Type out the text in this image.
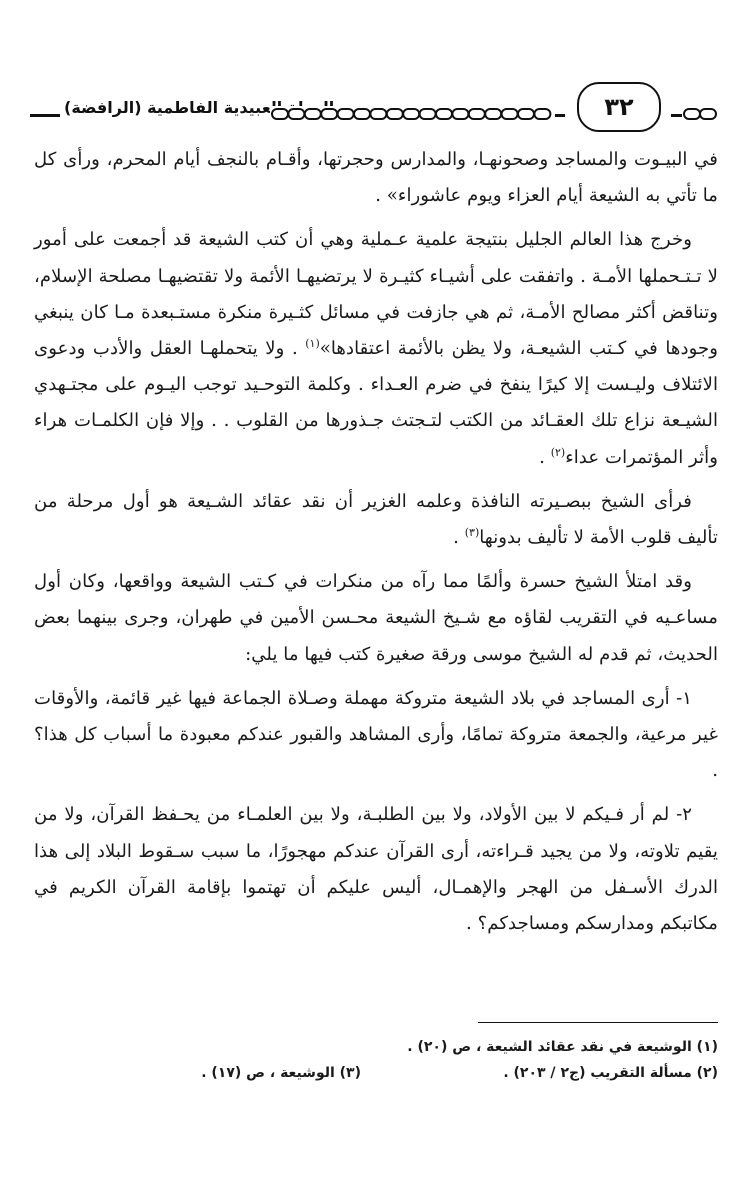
الدولة العبيدية الفاطمية (الرافضة)	٣٢

في البيـوت والمساجد وصحونهـا، والمدارس وحجرتها، وأقـام بالنجف أيام المحرم، ورأى كل ما تأتي به الشيعة أيام العزاء ويوم عاشوراء» .

وخرج هذا العالم الجليل بنتيجة علمية عـملية وهي أن كتب الشيعة قد أجمعت على أمور لا تـتـحملها الأمـة . واتفقت على أشيـاء كثيـرة لا يرتضيهـا الأئمة ولا تقتضيهـا مصلحة الإسلام، وتناقض أكثر مصالح الأمـة، ثم هي جازفت في مسائل كثـيرة منكرة مستـبعدة مـا كان ينبغي وجودها في كـتب الشيعـة، ولا يظن بالأئمة اعتقادها»$^{(١)}$ . ولا يتحملهـا العقل والأدب ودعوى الائتلاف وليـست إلا كيرًا ينفخ في ضرم العـداء . وكلمة التوحـيد توجب اليـوم على مجتـهدي الشيـعة نزاع تلك العقـائد من الكتب لتـجتث جـذورها من القلوب . . وإلا فإن الكلمـات هراء وأثر المؤتمرات عداء$^{(٢)}$ .

فرأى الشيخ ببصـيرته النافذة وعلمه الغزير أن نقد عقائد الشـيعة هو أول مرحلة من تأليف قلوب الأمة لا تأليف بدونها$^{(٣)}$ .

وقد امتلأ الشيخ حسرة وألمًا مما رآه من منكرات في كـتب الشيعة وواقعها، وكان أول مساعـيه في التقريب لقاؤه مع شـيخ الشيعة محـسن الأمين في طهران، وجرى بينهما بعض الحديث، ثم قدم له الشيخ موسى ورقة صغيرة كتب فيها ما يلي:

١- أرى المساجد في بلاد الشيعة متروكة مهملة وصـلاة الجماعة فيها غير قائمة، والأوقات غير مرعية، والجمعة متروكة تمامًا، وأرى المشاهد والقبور عندكم معبودة ما أسباب كل هذا؟ .

٢- لم أر فـيكم لا بين الأولاد، ولا بين الطلبـة، ولا بين العلمـاء من يحـفظ القرآن، ولا من يقيم تلاوته، ولا من يجيد قـراءته، أرى القرآن عندكم مهجورًا، ما سبب سـقوط البلاد إلى هذا الدرك الأسـفل من الهجر والإهمـال، أليس عليكم أن تهتموا بإقامة القرآن الكريم في مكاتبكم ومدارسكم ومساجدكم؟ .

(١) الوشيعة في نقد عقائد الشيعة ، ص (٢٠) .
(٢) مسألة التقريب (ج٢ / ٢٠٣) .
(٣) الوشيعة ، ص (١٧) .
